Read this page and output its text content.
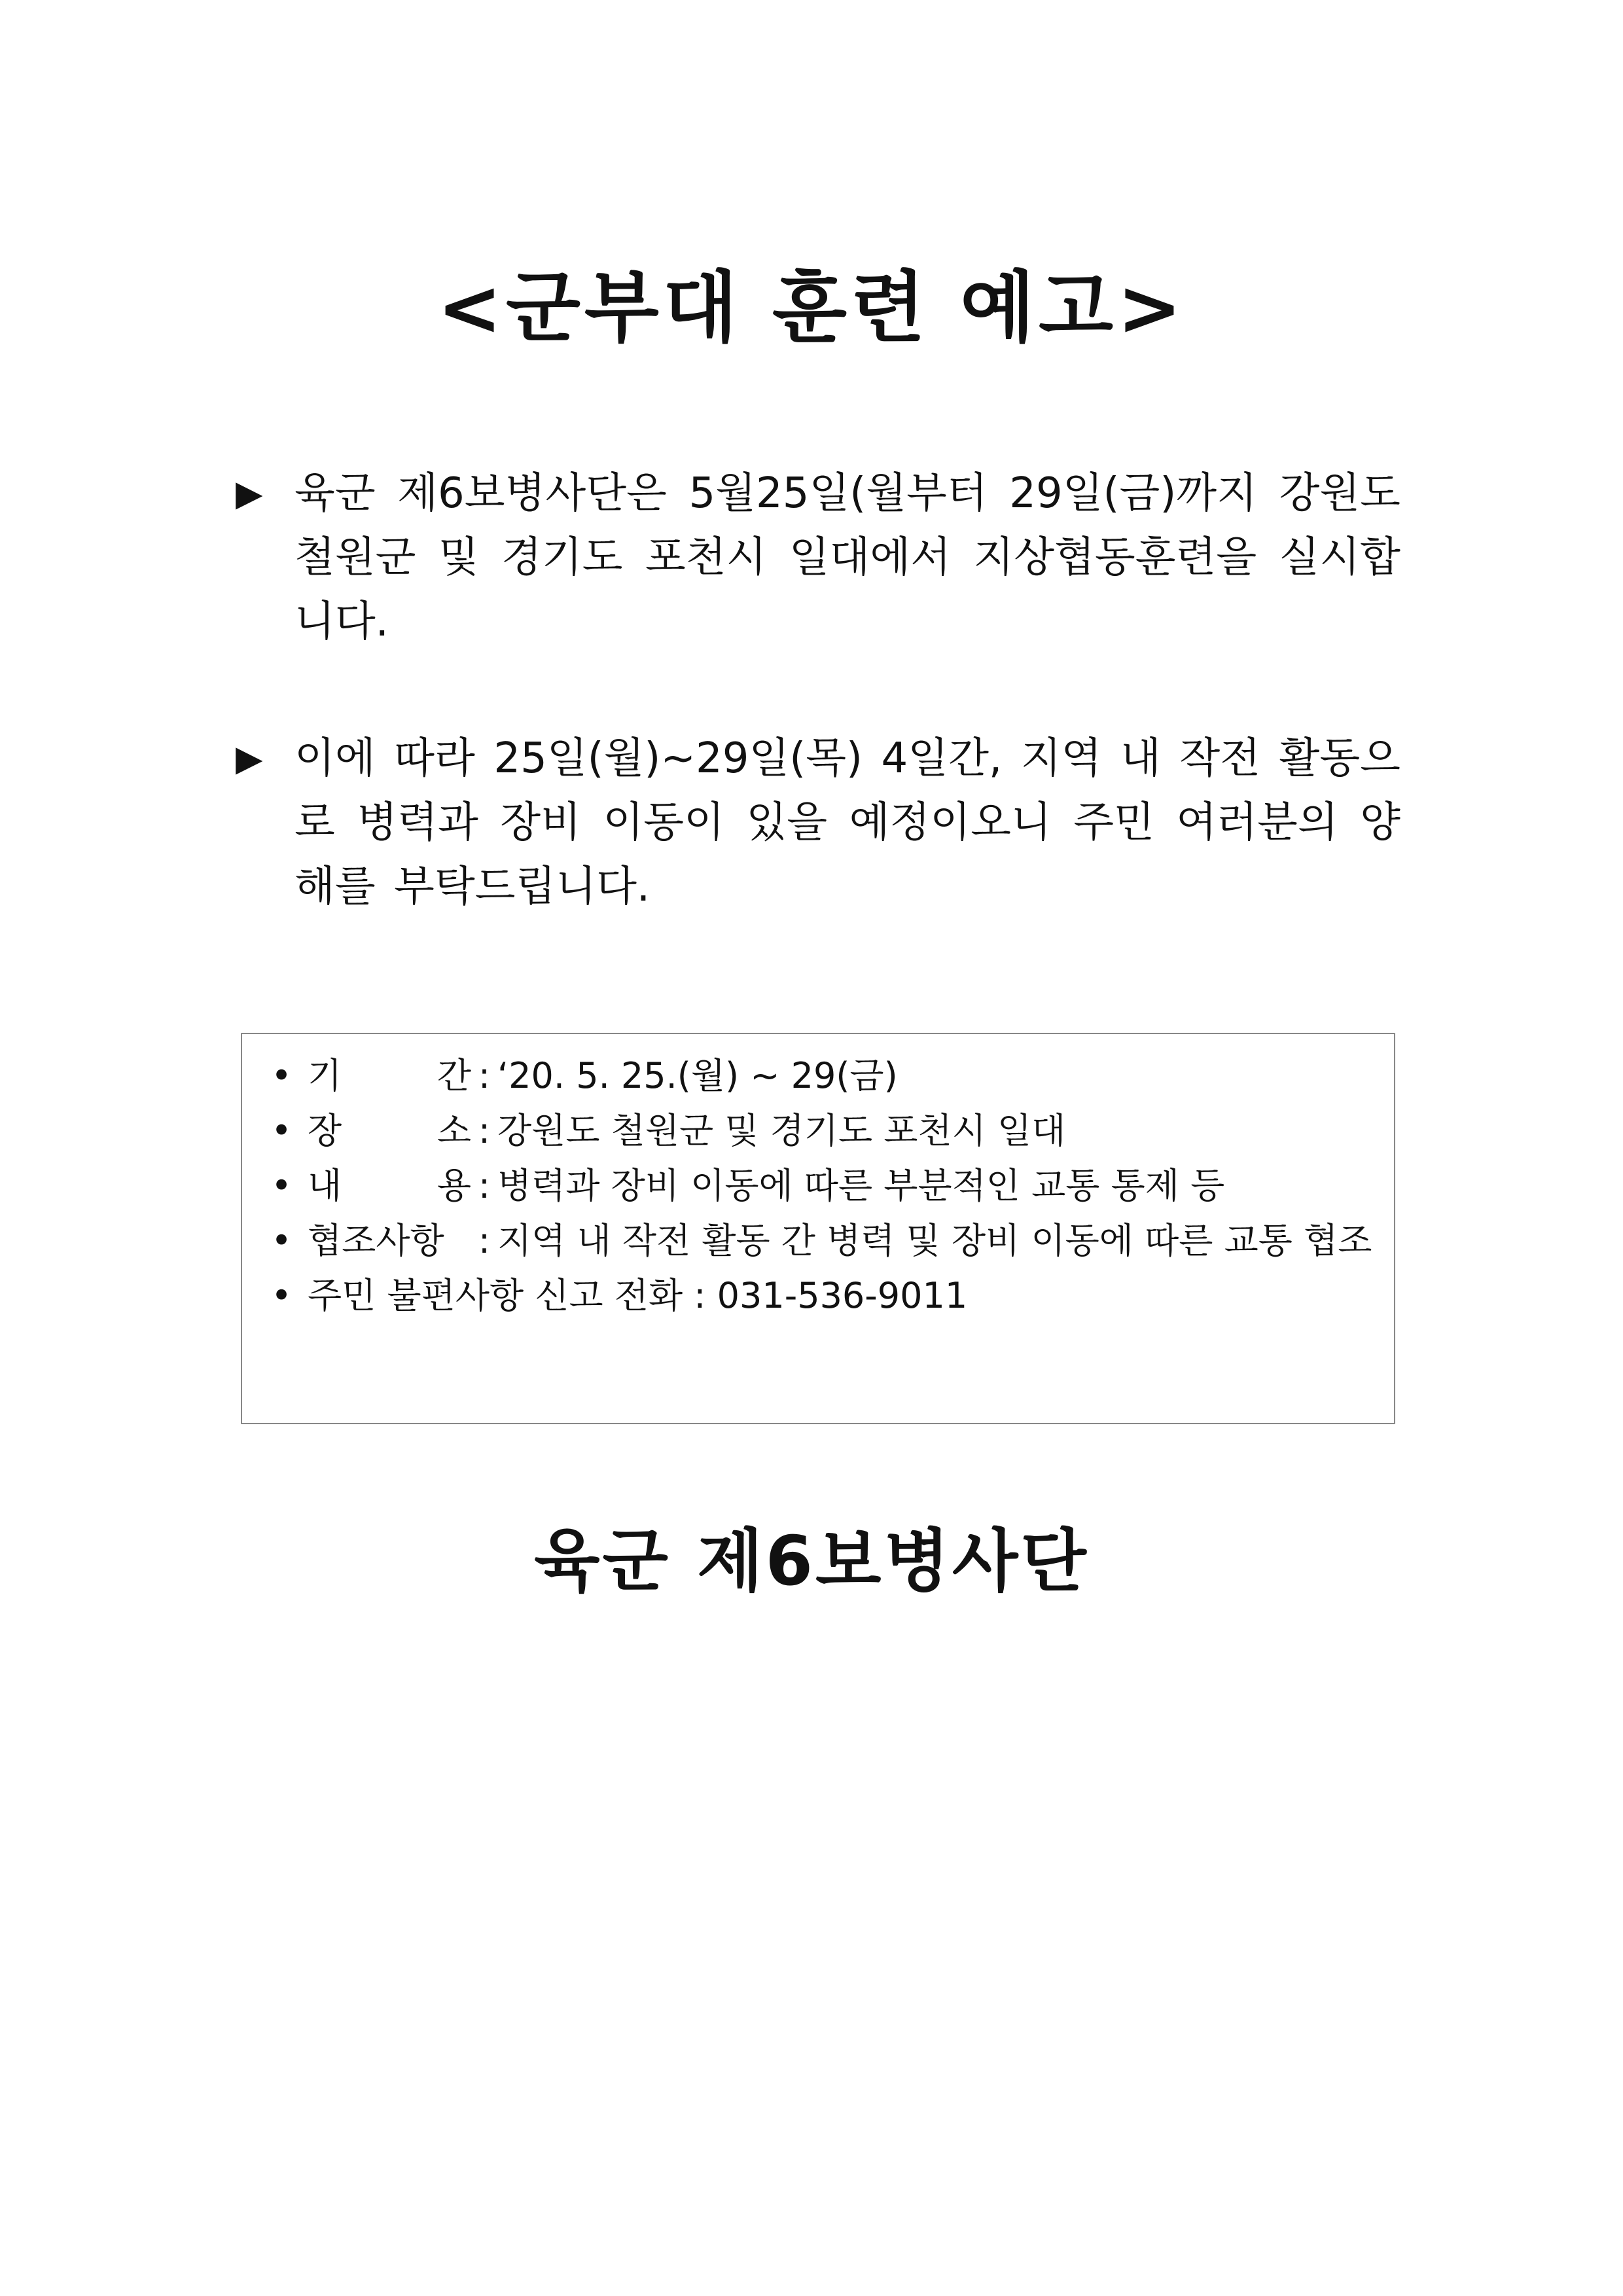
<군부대 훈련 예고>
▶ 육군 제6보병사단은 5월25일(월부터 29일(금)까지 강원도 철원군 및 경기도 포천시 일대에서 지상협동훈련을 실시합니다.
▶ 이에 따라 25일(월)~29일(목) 4일간, 지역 내 작전 활동으로 병력과 장비 이동이 있을 예정이오니 주민 여러분의 양해를 부탁드립니다.
• 기	간 : ‘20. 5. 25.(월) ~ 29(금)
• 장	소 : 강원도 철원군 및 경기도 포천시 일대
• 내	용 : 병력과 장비 이동에 따른 부분적인 교통 통제 등
• 협조사항 : 지역 내 작전 활동 간 병력 및 장비 이동에 따른 교통 협조
• 주민 불편사항 신고 전화 : 031-536-9011
육군 제6보병사단
